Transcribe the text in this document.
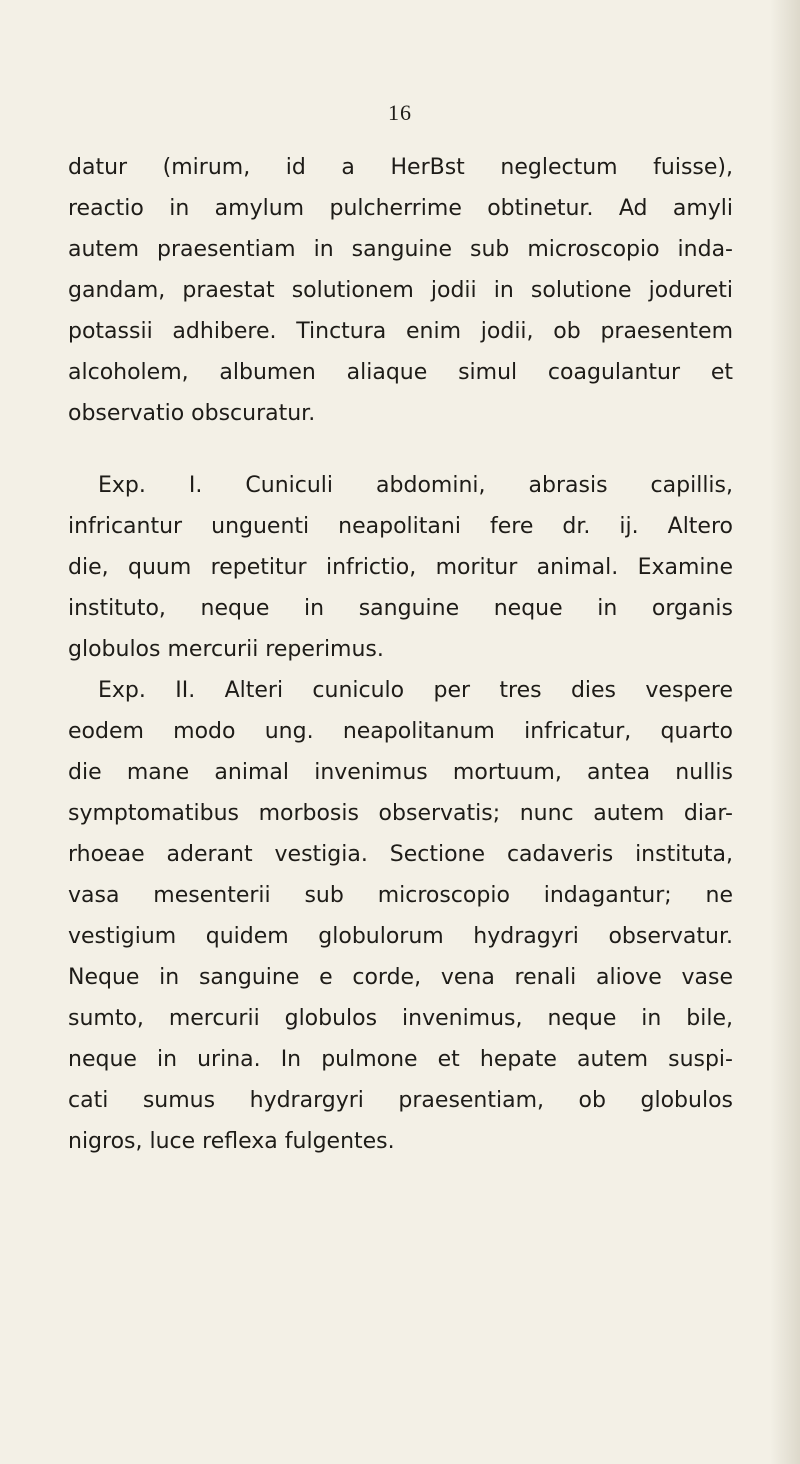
16
datur (mirum, id a HerBst neglectum fuisse),
reactio in amylum pulcherrime obtinetur. Ad amyli
autem praesentiam in sanguine sub microscopio inda-
gandam, praestat solutionem jodii in solutione jodureti
potassii adhibere. Tinctura enim jodii, ob praesentem
alcoholem, albumen aliaque simul coagulantur et
observatio obscuratur.
Exp. I. Cuniculi abdomini, abrasis capillis,
infricantur unguenti neapolitani fere dr. ij. Altero
die, quum repetitur infrictio, moritur animal. Examine
instituto, neque in sanguine neque in organis
globulos mercurii reperimus.
Exp. II. Alteri cuniculo per tres dies vespere
eodem modo ung. neapolitanum infricatur, quarto
die mane animal invenimus mortuum, antea nullis
symptomatibus morbosis observatis; nunc autem diar-
rhoeae aderant vestigia. Sectione cadaveris instituta,
vasa mesenterii sub microscopio indagantur; ne
vestigium quidem globulorum hydragyri observatur.
Neque in sanguine e corde, vena renali aliove vase
sumto, mercurii globulos invenimus, neque in bile,
neque in urina. In pulmone et hepate autem suspi-
cati sumus hydrargyri praesentiam, ob globulos
nigros, luce reflexa fulgentes.
